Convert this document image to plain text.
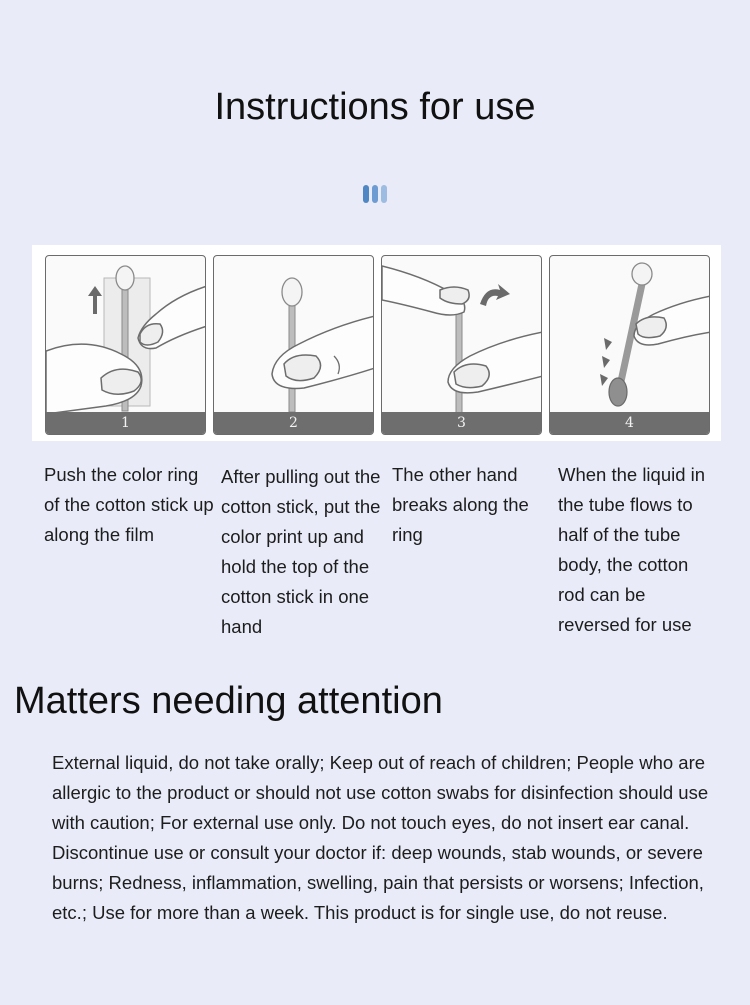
Instructions for use
1	2	3	4
Push the color ring of the cotton stick up along the film
After pulling out the cotton stick, put the color print up and hold the top of the cotton stick in one hand
The other hand breaks along the ring
When the liquid in the tube flows to half of the tube body, the cotton rod can be reversed for use
Matters needing attention
External liquid, do not take orally; Keep out of reach of children; People who are allergic to the product or should not use cotton swabs for disinfection should use with caution; For external use only. Do not touch eyes, do not insert ear canal. Discontinue use or consult your doctor if: deep wounds, stab wounds, or severe burns; Redness, inflammation, swelling, pain that persists or worsens; Infection, etc.; Use for more than a week. This product is for single use, do not reuse.
